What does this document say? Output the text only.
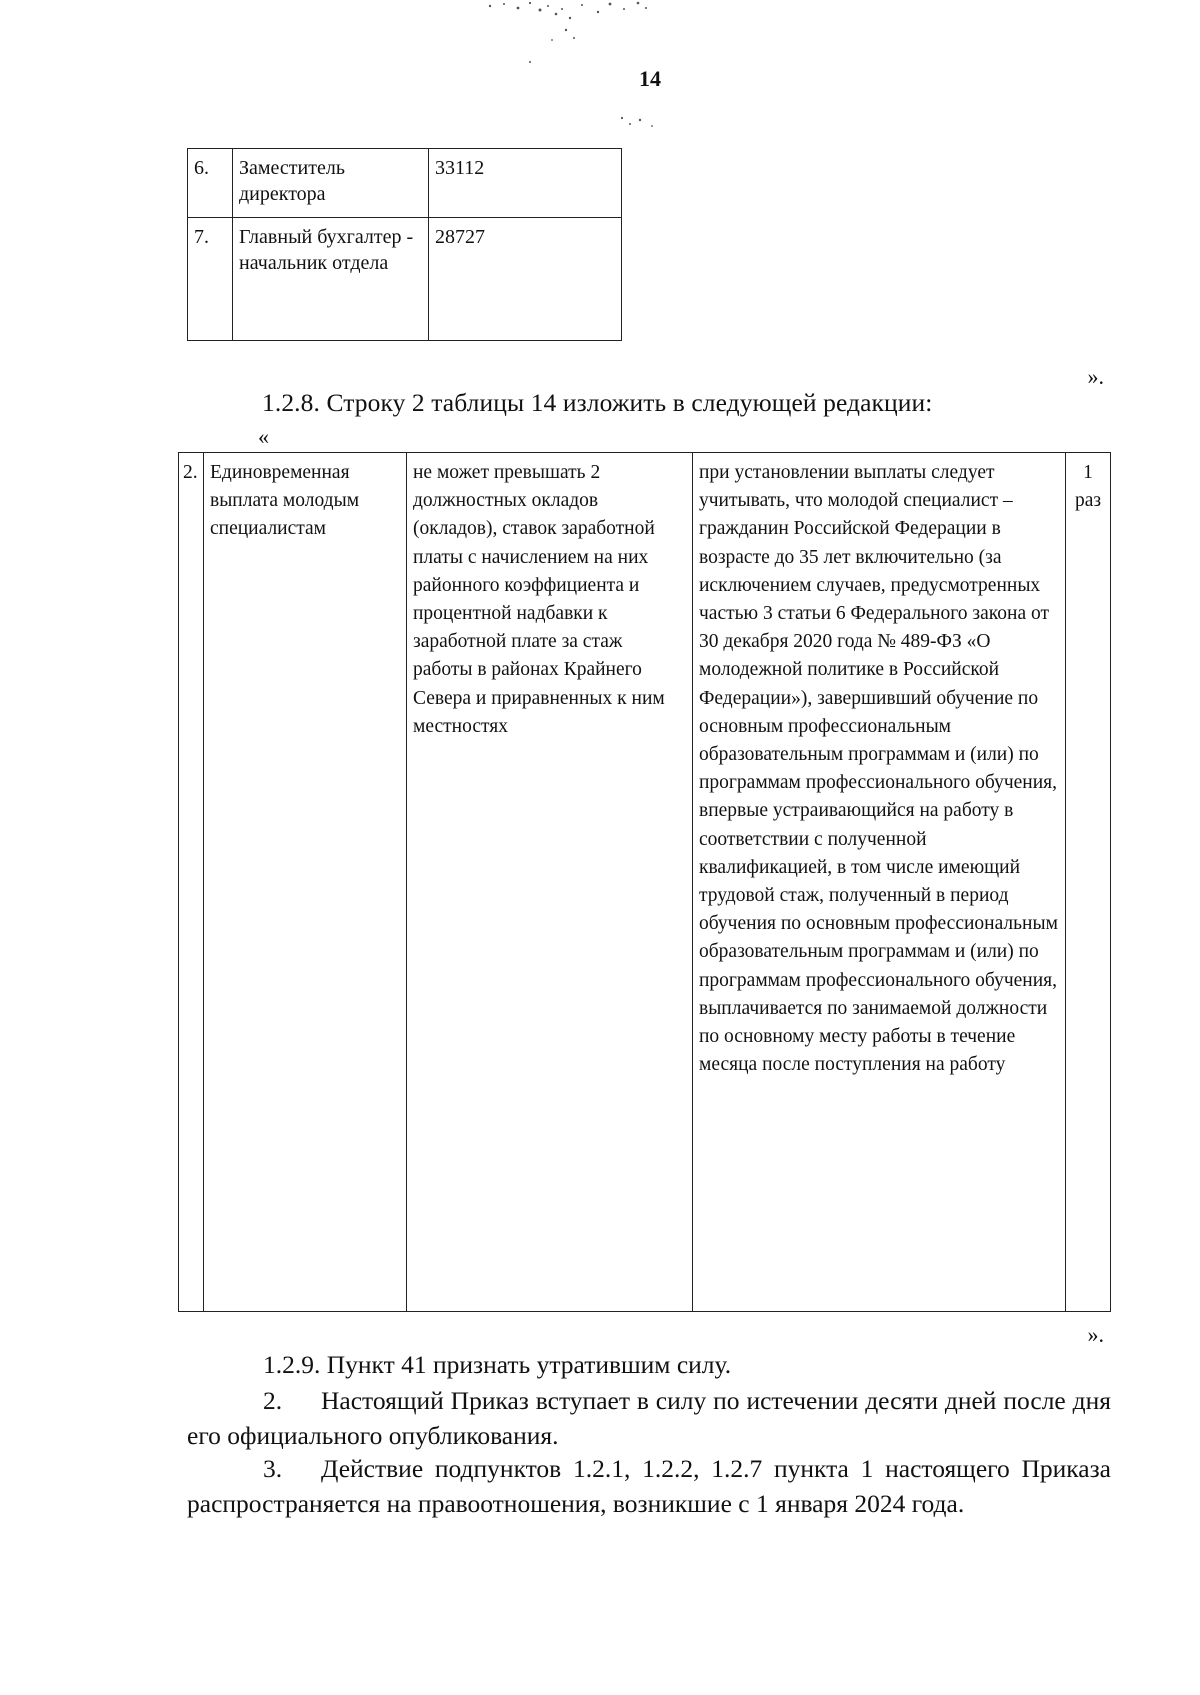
14
6.	Заместитель директора	33112
7.	Главный бухгалтер - начальник отдела	28727
».
1.2.8. Строку 2 таблицы 14 изложить в следующей редакции:
«
2.	Единовременная выплата молодым специалистам	не может превышать 2 должностных окладов (окладов), ставок заработной платы с начислением на них районного коэффициента и процентной надбавки к заработной плате за стаж работы в районах Крайнего Севера и приравненных к ним местностях	при установлении выплаты следует учитывать, что молодой специалист – гражданин Российской Федерации в возрасте до 35 лет включительно (за исключением случаев, предусмотренных частью 3 статьи 6 Федерального закона от 30 декабря 2020 года № 489-ФЗ «О молодежной политике в Российской Федерации»), завершивший обучение по основным профессиональным образовательным программам и (или) по программам профессионального обучения, впервые устраивающийся на работу в соответствии с полученной квалификацией, в том числе имеющий трудовой стаж, полученный в период обучения по основным профессиональным образовательным программам и (или) по программам профессионального обучения, выплачивается по занимаемой должности по основному месту работы в течение месяца после поступления на работу	1 раз
».
1.2.9. Пункт 41 признать утратившим силу.
2. Настоящий Приказ вступает в силу по истечении десяти дней после дня его официального опубликования.
3. Действие подпунктов 1.2.1, 1.2.2, 1.2.7 пункта 1 настоящего Приказа распространяется на правоотношения, возникшие с 1 января 2024 года.
